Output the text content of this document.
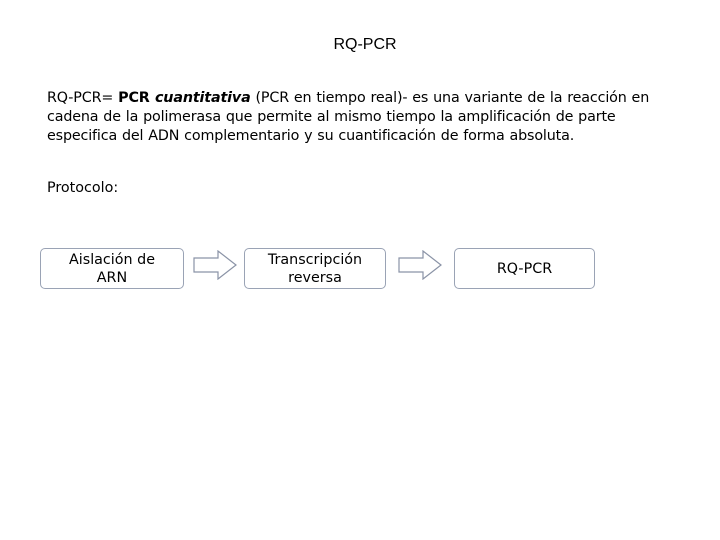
RQ-PCR
RQ-PCR= PCR cuantitativa (PCR en tiempo real)- es una variante de la reacción en cadena de la polimerasa que permite al mismo tiempo la amplificación de parte especifica del ADN complementario y su cuantificación de forma absoluta.
Protocolo:
Aislación de
ARN
Transcripción
reversa
RQ-PCR
